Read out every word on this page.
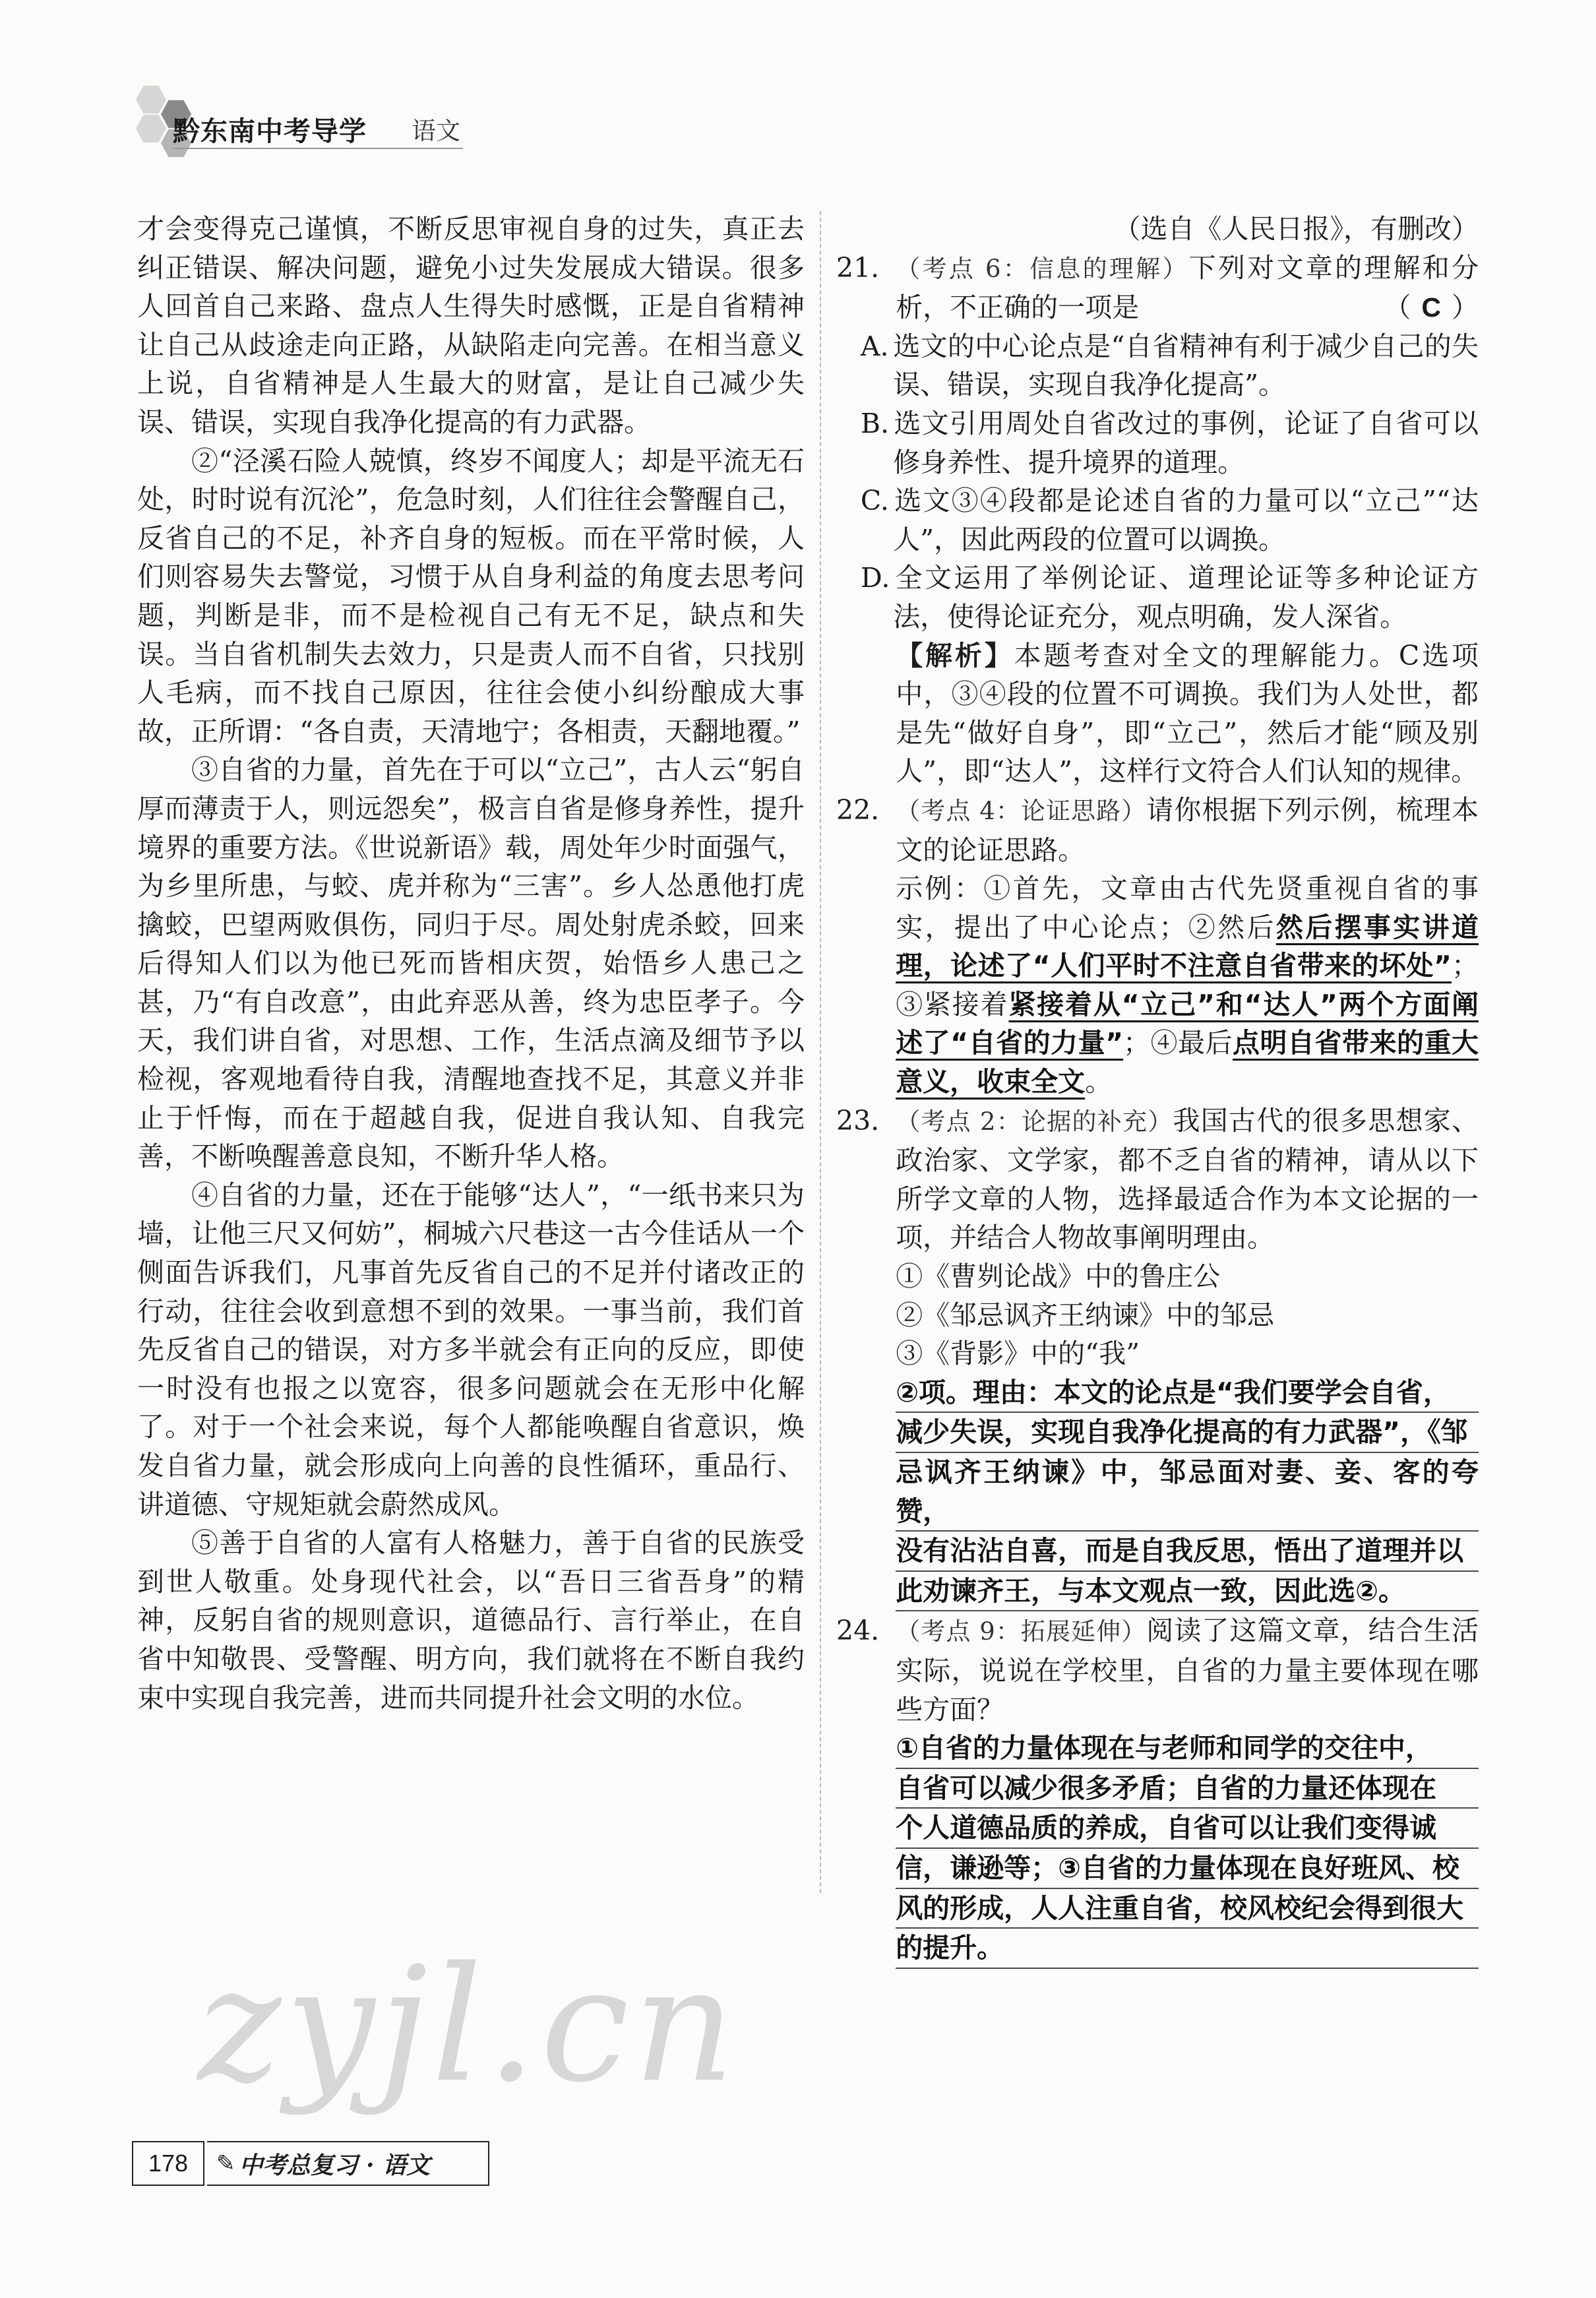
黔东南中考导学 语文

才会变得克己谨慎，不断反思审视自身的过失，真正去纠正错误、解决问题，避免小过失发展成大错误。很多人回首自己来路、盘点人生得失时感慨，正是自省精神让自己从歧途走向正路，从缺陷走向完善。在相当意义上说，自省精神是人生最大的财富，是让自己减少失误、错误，实现自我净化提高的有力武器。

②“泾溪石险人兢慎，终岁不闻度人；却是平流无石处，时时说有沉沦”，危急时刻，人们往往会警醒自己，反省自己的不足，补齐自身的短板。而在平常时候，人们则容易失去警觉，习惯于从自身利益的角度去思考问题，判断是非，而不是检视自己有无不足，缺点和失误。当自省机制失去效力，只是责人而不自省，只找别人毛病，而不找自己原因，往往会使小纠纷酿成大事故，正所谓：“各自责，天清地宁；各相责，天翻地覆。”

③自省的力量，首先在于可以“立己”，古人云“躬自厚而薄责于人，则远怨矣”，极言自省是修身养性，提升境界的重要方法。《世说新语》载，周处年少时面强气，为乡里所患，与蛟、虎并称为“三害”。乡人怂恿他打虎擒蛟，巴望两败俱伤，同归于尽。周处射虎杀蛟，回来后得知人们以为他已死而皆相庆贺，始悟乡人患己之甚，乃“有自改意”，由此弃恶从善，终为忠臣孝子。今天，我们讲自省，对思想、工作，生活点滴及细节予以检视，客观地看待自我，清醒地查找不足，其意义并非止于忏悔，而在于超越自我，促进自我认知、自我完善，不断唤醒善意良知，不断升华人格。

④自省的力量，还在于能够“达人”，“一纸书来只为墙，让他三尺又何妨”，桐城六尺巷这一古今佳话从一个侧面告诉我们，凡事首先反省自己的不足并付诸改正的行动，往往会收到意想不到的效果。一事当前，我们首先反省自己的错误，对方多半就会有正向的反应，即使一时没有也报之以宽容，很多问题就会在无形中化解了。对于一个社会来说，每个人都能唤醒自省意识，焕发自省力量，就会形成向上向善的良性循环，重品行、讲道德、守规矩就会蔚然成风。

⑤善于自省的人富有人格魅力，善于自省的民族受到世人敬重。处身现代社会，以“吾日三省吾身”的精神，反躬自省的规则意识，道德品行、言行举止，在自省中知敬畏、受警醒、明方向，我们就将在不断自我约束中实现自我完善，进而共同提升社会文明的水位。

（选自《人民日报》，有删改）

21. （考点 6：信息的理解）下列对文章的理解和分析，不正确的一项是	（ C ）

A. 选文的中心论点是“自省精神有利于减少自己的失误、错误，实现自我净化提高”。

B. 选文引用周处自省改过的事例，论证了自省可以修身养性、提升境界的道理。

C. 选文③④段都是论述自省的力量可以“立己”“达人”，因此两段的位置可以调换。

D. 全文运用了举例论证、道理论证等多种论证方法，使得论证充分，观点明确，发人深省。

【解析】本题考查对全文的理解能力。C选项中，③④段的位置不可调换。我们为人处世，都是先“做好自身”，即“立己”，然后才能“顾及别人”，即“达人”，这样行文符合人们认知的规律。

22. （考点 4：论证思路）请你根据下列示例，梳理本文的论证思路。

示例：①首先，文章由古代先贤重视自省的事实，提出了中心论点；②然后然后摆事实讲道理，论述了“人们平时不注意自省带来的坏处”；③紧接着紧接着从“立己”和“达人”两个方面阐述了“自省的力量”；④最后点明自省带来的重大意义，收束全文。

23. （考点 2：论据的补充）我国古代的很多思想家、政治家、文学家，都不乏自省的精神，请从以下所学文章的人物，选择最适合作为本文论据的一项，并结合人物故事阐明理由。

①《曹刿论战》中的鲁庄公

②《邹忌讽齐王纳谏》中的邹忌

③《背影》中的“我”

②项。理由：本文的论点是“我们要学会自省，
减少失误，实现自我净化提高的有力武器”，《邹
忌讽齐王纳谏》中，邹忌面对妻、妾、客的夸赞，
没有沾沾自喜，而是自我反思，悟出了道理并以
此劝谏齐王，与本文观点一致，因此选②。
24. （考点 9：拓展延伸）阅读了这篇文章，结合生活实际，说说在学校里，自省的力量主要体现在哪些方面？
①自省的力量体现在与老师和同学的交往中，
自省可以减少很多矛盾；自省的力量还体现在
个人道德品质的养成，自省可以让我们变得诚
信，谦逊等；③自省的力量体现在良好班风、校
风的形成，人人注重自省，校风校纪会得到很大
的提升。
zyjl.cn
178	✎ 中考总复习 · 语文
